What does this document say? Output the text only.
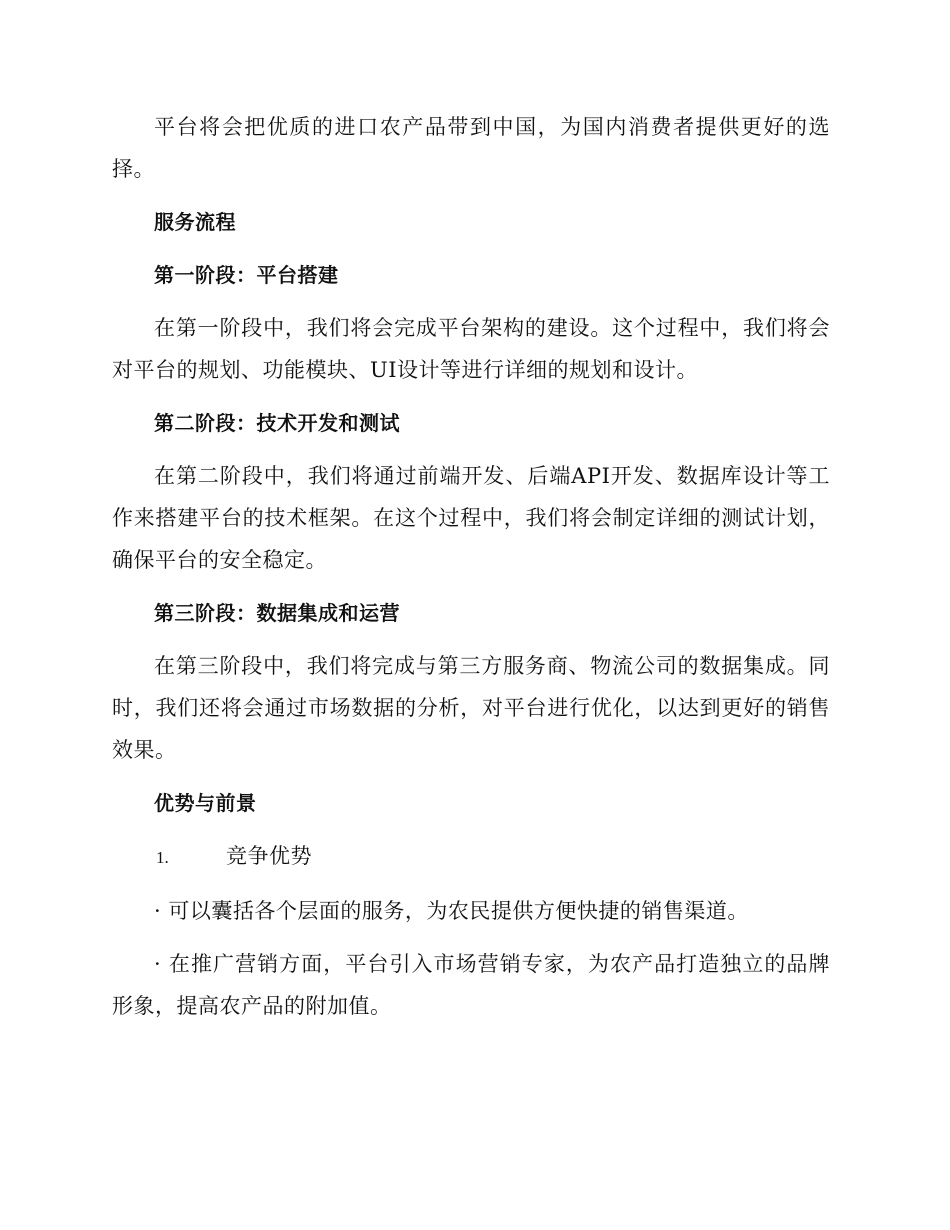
平台将会把优质的进口农产品带到中国，为国内消费者提供更好的选择。

服务流程

第一阶段：平台搭建

在第一阶段中，我们将会完成平台架构的建设。这个过程中，我们将会对平台的规划、功能模块、UI设计等进行详细的规划和设计。

第二阶段：技术开发和测试

在第二阶段中，我们将通过前端开发、后端API开发、数据库设计等工作来搭建平台的技术框架。在这个过程中，我们将会制定详细的测试计划，确保平台的安全稳定。

第三阶段：数据集成和运营

在第三阶段中，我们将完成与第三方服务商、物流公司的数据集成。同时，我们还将会通过市场数据的分析，对平台进行优化，以达到更好的销售效果。

优势与前景

1.	竞争优势

· 可以囊括各个层面的服务，为农民提供方便快捷的销售渠道。

· 在推广营销方面，平台引入市场营销专家，为农产品打造独立的品牌形象，提高农产品的附加值。
